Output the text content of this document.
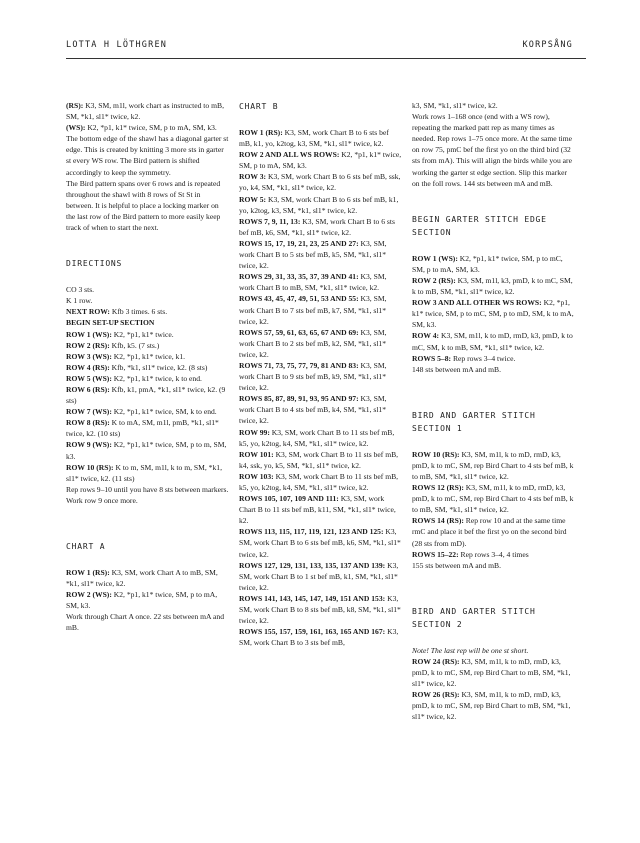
LOTTA H LÖTHGREN	KORPSÅNG

(RS): K3, SM, m1l, work chart as instructed to mB, SM, *k1, sl1* twice, k2.

(WS): K2, *p1, k1* twice, SM, p to mA, SM, k3.

The bottom edge of the shawl has a diagonal garter st edge. This is created by knitting 3 more sts in garter st every WS row. The Bird pattern is shifted accordingly to keep the symmetry.

The Bird pattern spans over 6 rows and is repeated throughout the shawl with 8 rows of St St in between. It is helpful to place a locking marker on the last row of the Bird pattern to more easily keep track of when to start the next.

DIRECTIONS

CO 3 sts.

K 1 row.

NEXT ROW: Kfb 3 times. 6 sts.

BEGIN SET-UP SECTION

ROW 1 (WS): K2, *p1, k1* twice.

ROW 2 (RS): Kfb, k5. (7 sts.)

ROW 3 (WS): K2, *p1, k1* twice, k1.

ROW 4 (RS): Kfb, *k1, sl1* twice, k2. (8 sts)

ROW 5 (WS): K2, *p1, k1* twice, k to end.

ROW 6 (RS): Kfb, k1, pmA, *k1, sl1* twice, k2. (9 sts)

ROW 7 (WS): K2, *p1, k1* twice, SM, k to end.

ROW 8 (RS): K to mA, SM, m1l, pmB, *k1, sl1* twice, k2. (10 sts)

ROW 9 (WS): K2, *p1, k1* twice, SM, p to m, SM, k3.

ROW 10 (RS): K to m, SM, m1l, k to m, SM, *k1, sl1* twice, k2. (11 sts)

Rep rows 9–10 until you have 8 sts between markers.

Work row 9 once more.

CHART A

ROW 1 (RS): K3, SM, work Chart A to mB, SM, *k1, sl1* twice, k2.

ROW 2 (WS): K2, *p1, k1* twice, SM, p to mA, SM, k3.

Work through Chart A once. 22 sts between mA and mB.

CHART B

ROW 1 (RS): K3, SM, work Chart B to 6 sts bef mB, k1, yo, k2tog, k3, SM, *k1, sl1* twice, k2.

ROW 2 AND ALL WS ROWS: K2, *p1, k1* twice, SM, p to mA, SM, k3.

ROW 3: K3, SM, work Chart B to 6 sts bef mB, ssk, yo, k4, SM, *k1, sl1* twice, k2.

ROW 5: K3, SM, work Chart B to 6 sts bef mB, k1, yo, k2tog, k3, SM, *k1, sl1* twice, k2.

ROWS 7, 9, 11, 13: K3, SM, work Chart B to 6 sts bef mB, k6, SM, *k1, sl1* twice, k2.

ROWS 15, 17, 19, 21, 23, 25 AND 27: K3, SM, work Chart B to 5 sts bef mB, k5, SM, *k1, sl1* twice, k2.

ROWS 29, 31, 33, 35, 37, 39 AND 41: K3, SM, work Chart B to mB, SM, *k1, sl1* twice, k2.

ROWS 43, 45, 47, 49, 51, 53 AND 55: K3, SM, work Chart B to 7 sts bef mB, k7, SM, *k1, sl1* twice, k2.

ROWS 57, 59, 61, 63, 65, 67 AND 69: K3, SM, work Chart B to 2 sts bef mB, k2, SM, *k1, sl1* twice, k2.

ROWS 71, 73, 75, 77, 79, 81 AND 83: K3, SM, work Chart B to 9 sts bef mB, k9, SM, *k1, sl1* twice, k2.

ROWS 85, 87, 89, 91, 93, 95 AND 97: K3, SM, work Chart B to 4 sts bef mB, k4, SM, *k1, sl1* twice, k2.

ROW 99: K3, SM, work Chart B to 11 sts bef mB, k5, yo, k2tog, k4, SM, *k1, sl1* twice, k2.

ROW 101: K3, SM, work Chart B to 11 sts bef mB, k4, ssk, yo, k5, SM, *k1, sl1* twice, k2.

ROW 103: K3, SM, work Chart B to 11 sts bef mB, k5, yo, k2tog, k4, SM, *k1, sl1* twice, k2.

ROWS 105, 107, 109 AND 111: K3, SM, work Chart B to 11 sts bef mB, k11, SM, *k1, sl1* twice, k2.

ROWS 113, 115, 117, 119, 121, 123 AND 125: K3, SM, work Chart B to 6 sts bef mB, k6, SM, *k1, sl1* twice, k2.

ROWS 127, 129, 131, 133, 135, 137 AND 139: K3, SM, work Chart B to 1 st bef mB, k1, SM, *k1, sl1* twice, k2.

ROWS 141, 143, 145, 147, 149, 151 AND 153: K3, SM, work Chart B to 8 sts bef mB, k8, SM, *k1, sl1* twice, k2.

ROWS 155, 157, 159, 161, 163, 165 AND 167: K3, SM, work Chart B to 3 sts bef mB,

k3, SM, *k1, sl1* twice, k2.

Work rows 1–168 once (end with a WS row), repeating the marked patt rep as many times as needed. Rep rows 1–75 once more. At the same time on row 75, pmC bef the first yo on the third bird (32 sts from mA). This will align the birds while you are working the garter st edge section. Slip this marker on the foll rows. 144 sts between mA and mB.

BEGIN GARTER STITCH EDGE SECTION

ROW 1 (WS): K2, *p1, k1* twice, SM, p to mC, SM, p to mA, SM, k3.

ROW 2 (RS): K3, SM, m1l, k3, pmD, k to mC, SM, k to mB, SM, *k1, sl1* twice, k2.

ROW 3 AND ALL OTHER WS ROWS: K2, *p1, k1* twice, SM, p to mC, SM, p to mD, SM, k to mA, SM, k3.

ROW 4: K3, SM, m1l, k to mD, rmD, k3, pmD, k to mC, SM, k to mB, SM, *k1, sl1* twice, k2.

ROWS 5–8: Rep rows 3–4 twice.

148 sts between mA and mB.

BIRD AND GARTER STITCH SECTION 1

ROW 10 (RS): K3, SM, m1l, k to mD, rmD, k3, pmD, k to mC, SM, rep Bird Chart to 4 sts bef mB, k to mB, SM, *k1, sl1* twice, k2.

ROWS 12 (RS): K3, SM, m1l, k to mD, rmD, k3, pmD, k to mC, SM, rep Bird Chart to 4 sts bef mB, k to mB, SM, *k1, sl1* twice, k2.

ROWS 14 (RS): Rep row 10 and at the same time rmC and place it bef the first yo on the second bird (28 sts from mD).

ROWS 15–22: Rep rows 3–4, 4 times

155 sts between mA and mB.

BIRD AND GARTER STITCH SECTION 2

Note! The last rep will be one st short.

ROW 24 (RS): K3, SM, m1l, k to mD, rmD, k3, pmD, k to mC, SM, rep Bird Chart to mB, SM, *k1, sl1* twice, k2.

ROW 26 (RS): K3, SM, m1l, k to mD, rmD, k3, pmD, k to mC, SM, rep Bird Chart to mB, SM, *k1, sl1* twice, k2.
